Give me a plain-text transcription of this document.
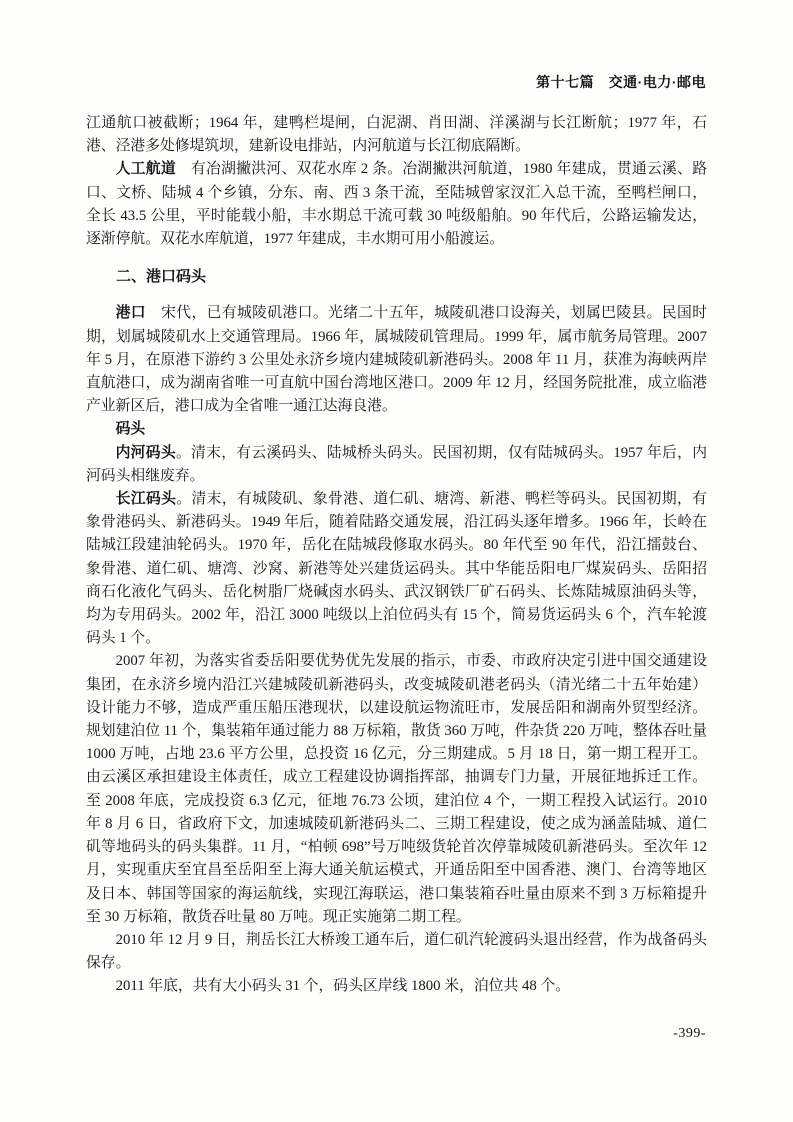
第十七篇　交通·电力·邮电

江通航口被截断；1964 年，建鸭栏堤闸，白泥湖、肖田湖、洋溪湖与长江断航；1977 年，石港、泾港多处修堤筑坝，建新设电排站，内河航道与长江彻底隔断。

人工航道　有冶湖撇洪河、双花水库 2 条。冶湖撇洪河航道，1980 年建成，贯通云溪、路口、文桥、陆城 4 个乡镇，分东、南、西 3 条干流，至陆城曾家汊汇入总干流，至鸭栏闸口，全长 43.5 公里，平时能载小船，丰水期总干流可载 30 吨级船舶。90 年代后，公路运输发达，逐渐停航。双花水库航道，1977 年建成，丰水期可用小船渡运。

二、港口码头

港口　宋代，已有城陵矶港口。光绪二十五年，城陵矶港口设海关，划属巴陵县。民国时期，划属城陵矶水上交通管理局。1966 年，属城陵矶管理局。1999 年，属市航务局管理。2007 年 5 月，在原港下游约 3 公里处永济乡境内建城陵矶新港码头。2008 年 11 月，获准为海峡两岸直航港口，成为湖南省唯一可直航中国台湾地区港口。2009 年 12 月，经国务院批准，成立临港产业新区后，港口成为全省唯一通江达海良港。

码头

内河码头。清末，有云溪码头、陆城桥头码头。民国初期，仅有陆城码头。1957 年后，内河码头相继废弃。

长江码头。清末，有城陵矶、象骨港、道仁矶、塘湾、新港、鸭栏等码头。民国初期，有象骨港码头、新港码头。1949 年后，随着陆路交通发展，沿江码头逐年增多。1966 年，长岭在陆城江段建油轮码头。1970 年，岳化在陆城段修取水码头。80 年代至 90 年代，沿江擂鼓台、象骨港、道仁矶、塘湾、沙窝、新港等处兴建货运码头。其中华能岳阳电厂煤炭码头、岳阳招商石化液化气码头、岳化树脂厂烧碱卤水码头、武汉钢铁厂矿石码头、长炼陆城原油码头等，均为专用码头。2002 年，沿江 3000 吨级以上泊位码头有 15 个，简易货运码头 6 个，汽车轮渡码头 1 个。

2007 年初，为落实省委岳阳要优势优先发展的指示，市委、市政府决定引进中国交通建设集团，在永济乡境内沿江兴建城陵矶新港码头，改变城陵矶港老码头（清光绪二十五年始建）设计能力不够，造成严重压船压港现状，以建设航运物流旺市，发展岳阳和湖南外贸型经济。规划建泊位 11 个，集装箱年通过能力 88 万标箱，散货 360 万吨，件杂货 220 万吨，整体吞吐量 1000 万吨，占地 23.6 平方公里，总投资 16 亿元，分三期建成。5 月 18 日，第一期工程开工。由云溪区承担建设主体责任，成立工程建设协调指挥部，抽调专门力量，开展征地拆迁工作。至 2008 年底，完成投资 6.3 亿元，征地 76.73 公顷，建泊位 4 个，一期工程投入试运行。2010 年 8 月 6 日，省政府下文，加速城陵矶新港码头二、三期工程建设，使之成为涵盖陆城、道仁矶等地码头的码头集群。11 月，“柏顿 698”号万吨级货轮首次停靠城陵矶新港码头。至次年 12 月，实现重庆至宜昌至岳阳至上海大通关航运模式，开通岳阳至中国香港、澳门、台湾等地区及日本、韩国等国家的海运航线，实现江海联运，港口集装箱吞吐量由原来不到 3 万标箱提升至 30 万标箱，散货吞吐量 80 万吨。现正实施第二期工程。

2010 年 12 月 9 日，荆岳长江大桥竣工通车后，道仁矶汽轮渡码头退出经营，作为战备码头保存。

2011 年底，共有大小码头 31 个，码头区岸线 1800 米，泊位共 48 个。

-399-
